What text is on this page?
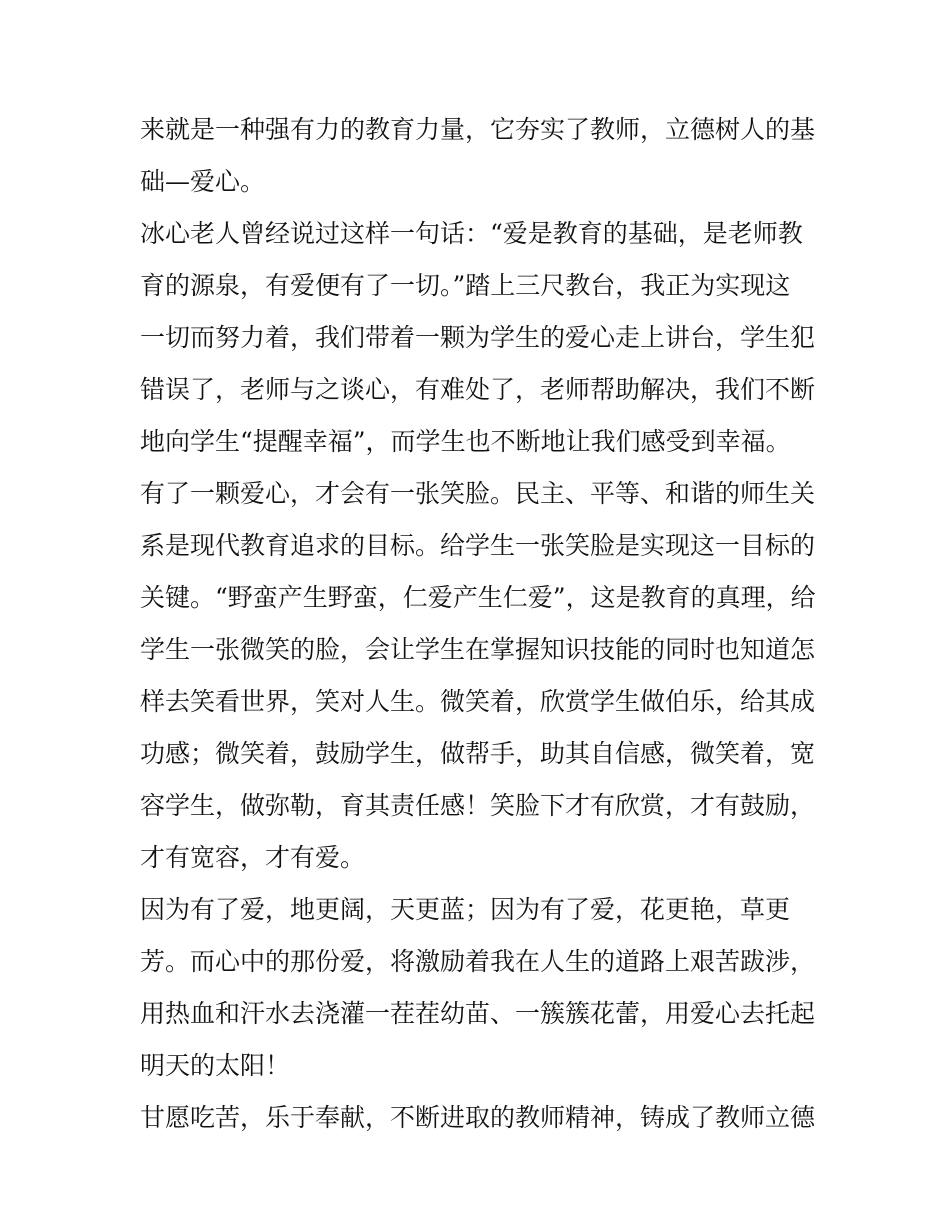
来就是一种强有力的教育力量，它夯实了教师，立德树人的基
础—爱心。
冰心老人曾经说过这样一句话：“爱是教育的基础，是老师教
育的源泉，有爱便有了一切。”踏上三尺教台，我正为实现这
一切而努力着，我们带着一颗为学生的爱心走上讲台，学生犯
错误了，老师与之谈心，有难处了，老师帮助解决，我们不断
地向学生“提醒幸福”，而学生也不断地让我们感受到幸福。
有了一颗爱心，才会有一张笑脸。民主、平等、和谐的师生关
系是现代教育追求的目标。给学生一张笑脸是实现这一目标的
关键。“野蛮产生野蛮，仁爱产生仁爱”，这是教育的真理，给
学生一张微笑的脸，会让学生在掌握知识技能的同时也知道怎
样去笑看世界，笑对人生。微笑着，欣赏学生做伯乐，给其成
功感；微笑着，鼓励学生，做帮手，助其自信感，微笑着，宽
容学生，做弥勒，育其责任感！笑脸下才有欣赏，才有鼓励，
才有宽容，才有爱。
因为有了爱，地更阔，天更蓝；因为有了爱，花更艳，草更
芳。而心中的那份爱，将激励着我在人生的道路上艰苦跋涉，
用热血和汗水去浇灌一茬茬幼苗、一簇簇花蕾，用爱心去托起
明天的太阳！
甘愿吃苦，乐于奉献，不断进取的教师精神，铸成了教师立德
